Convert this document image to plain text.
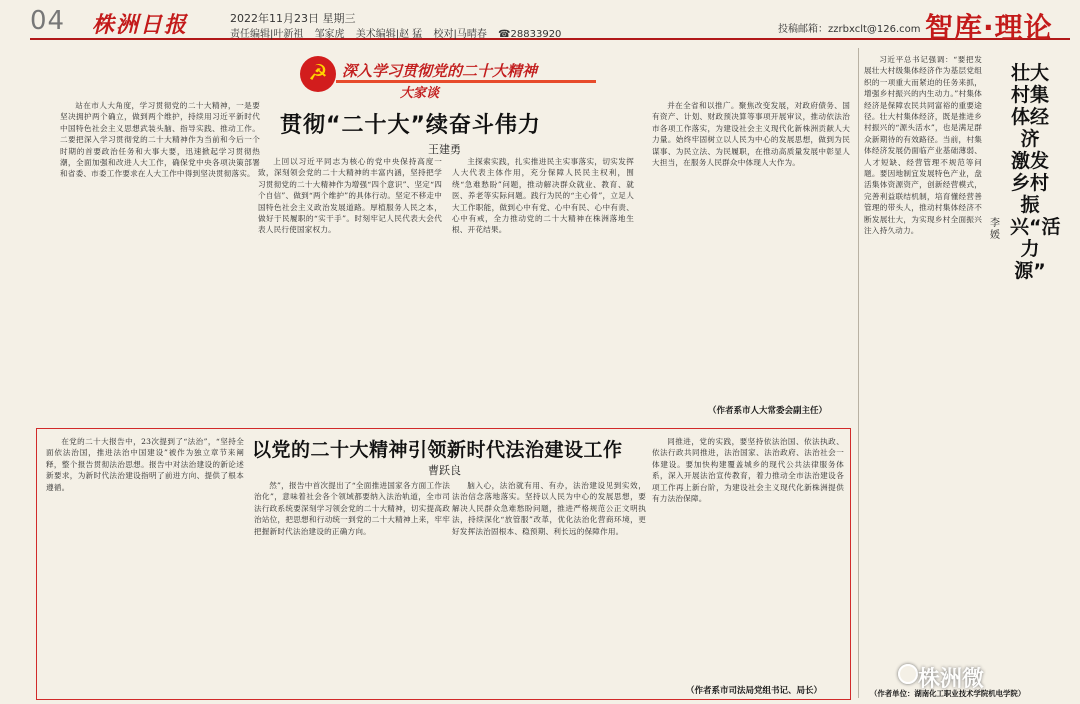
04 株洲日报	2022年11月23日 星期三
责任编辑|叶新祖 邹家虎 美术编辑|赵 猛 校对|马晴春 ☎28833920	投稿邮箱：zzrbxclt@126.com 智库·理论
☭ 深入学习贯彻党的二十大精神
大家谈
贯彻“二十大”续奋斗伟力
王建勇

站在市人大角度，学习贯彻党的二十大精神，一是要坚决拥护两个确立，做到两个维护，持续用习近平新时代中国特色社会主义思想武装头脑、指导实践、推动工作。二要把深入学习贯彻党的二十大精神作为当前和今后一个时期的首要政治任务和大事大要，迅速掀起学习贯彻热潮，全面加强和改进人大工作，确保党中央各项决策部署和省委、市委工作要求在人大工作中得到坚决贯彻落实。

上回以习近平同志为核心的党中央保持高度一致，深刻领会党的二十大精神的丰富内涵，坚持把学习贯彻党的二十大精神作为增强“四个意识”、坚定“四个自信”、做到“两个维护”的具体行动。坚定不移走中国特色社会主义政治发展道路。厚植服务人民之本，做好于民履职的“实干手”。时刻牢记人民代表大会代表人民行使国家权力。

主探索实践，扎实推进民主实事落实，切实发挥人大代表主体作用，充分保障人民民主权利，围绕“急难愁盼”问题，推动解决群众就业、教育、就医、养老等实际问题。践行为民的“主心骨”，立足人大工作职能，做到心中有党、心中有民、心中有责、心中有戒，全力推动党的二十大精神在株洲落地生根、开花结果。

并在全省和以推广。聚焦改变发展，对政府债务、国有资产、计划、财政预决算等事项开展审议，推动依法治市各项工作落实，为建设社会主义现代化新株洲贡献人大力量。始终牢固树立以人民为中心的发展思想，做到为民谋事、为民立法、为民履职，在推动高质量发展中彰显人大担当，在服务人民群众中体现人大作为。

（作者系市人大常委会副主任）
以党的二十大精神引领新时代法治建设工作
曹跃良

在党的二十大报告中，23次提到了“法治”，“坚持全面依法治国，推进法治中国建设”被作为独立章节来阐释，整个报告贯彻法治思想。报告中对法治建设的新论述新要求，为新时代法治建设指明了前进方向、提供了根本遵循。	然”，报告中首次提出了“全面推进国家各方面工作法治化”，意味着社会各个领域都要纳入法治轨道，全市司法行政系统要深刻学习领会党的二十大精神，切实提高政治站位，把思想和行动统一到党的二十大精神上来，牢牢把握新时代法治建设的正确方向。

脑入心，法治就有用、有办，法治建设见到实效，法治信念落地落实。坚持以人民为中心的发展思想，要解决人民群众急难愁盼问题，推进严格规范公正文明执法，持续深化“放管服”改革，优化法治化营商环境，更好发挥法治固根本、稳预期、利长远的保障作用。

同推进，党的实践，要坚持依法治国、依法执政、依法行政共同推进，法治国家、法治政府、法治社会一体建设。要加快构建覆盖城乡的现代公共法律服务体系，深入开展法治宣传教育，着力推动全市法治建设各项工作再上新台阶，为建设社会主义现代化新株洲提供有力法治保障。

（作者系市司法局党组书记、局长）
壮大村集体经济 激发乡村振兴“活力源”
李媛

习近平总书记强调：“要把发展壮大村级集体经济作为基层党组织的一项重大而紧迫的任务来抓，增强乡村振兴的内生动力。”村集体经济是保障农民共同富裕的重要途径。壮大村集体经济，既是推进乡村振兴的“源头活水”，也是满足群众新期待的有效路径。当前，村集体经济发展仍面临产业基础薄弱、人才短缺、经营管理不规范等问题。要因地制宜发展特色产业，盘活集体资源资产，创新经营模式，完善利益联结机制，培育懂经营善管理的带头人，推动村集体经济不断发展壮大，为实现乡村全面振兴注入持久动力。

（作者单位：湖南化工职业技术学院机电学院）
株洲微
